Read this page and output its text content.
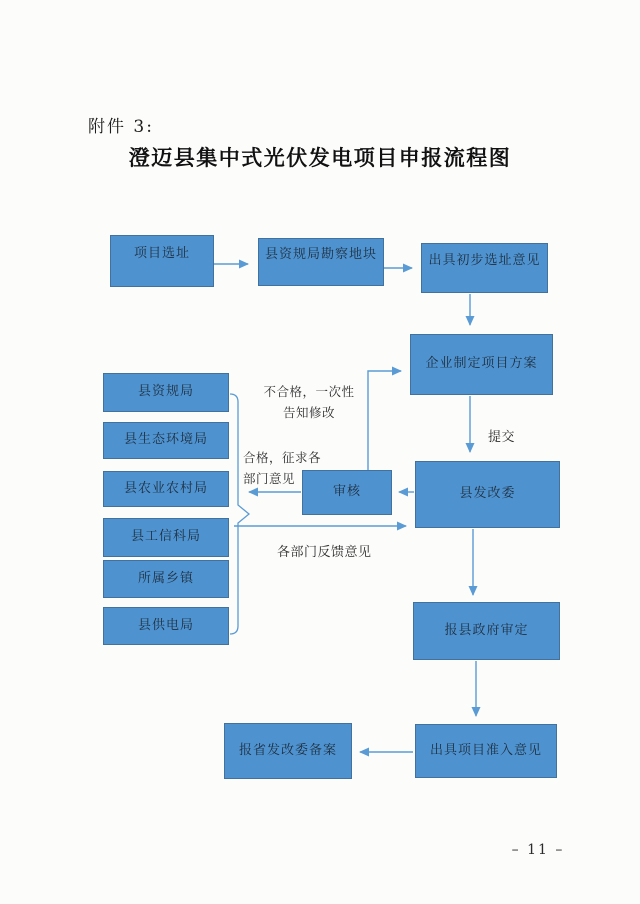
附件 3:
澄迈县集中式光伏发电项目申报流程图
项目选址	县资规局勘察地块	出具初步选址意见
企业制定项目方案
审核	县发改委
报县政府审定
出具项目准入意见
报省发改委备案
县资规局
县生态环境局
县农业农村局
县工信科局
所属乡镇
县供电局
不合格，一次性
告知修改
合格，征求各
部门意见
提交
各部门反馈意见
– 11 –
